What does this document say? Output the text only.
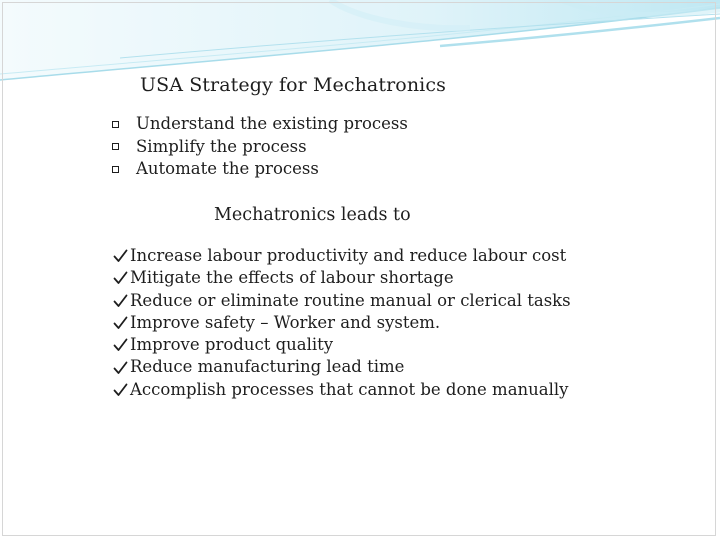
USA Strategy for Mechatronics
Understand the existing process
Simplify the process
Automate the process
Mechatronics leads to
Increase labour productivity and reduce labour cost
Mitigate the effects of labour shortage
Reduce or eliminate routine manual or clerical tasks
Improve safety – Worker and system.
Improve product quality
Reduce manufacturing lead time
Accomplish processes that cannot be done manually
